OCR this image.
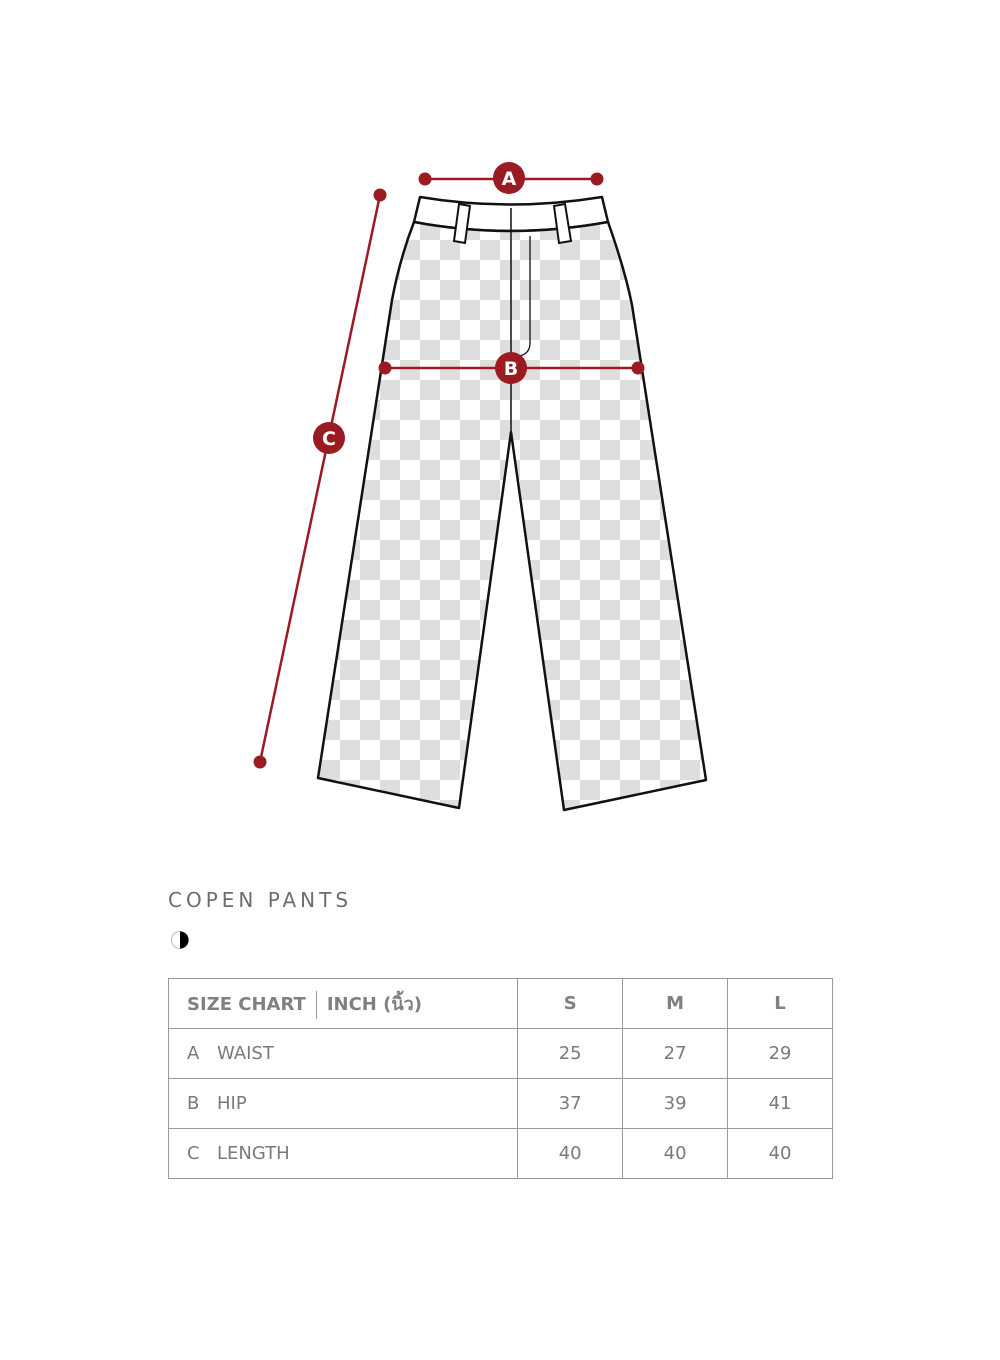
A
B
C
COPEN PANTS
SIZE CHART INCH (นิ้ว)	S	M	L
A WAIST	25	27	29
B HIP	37	39	41
C LENGTH	40	40	40
